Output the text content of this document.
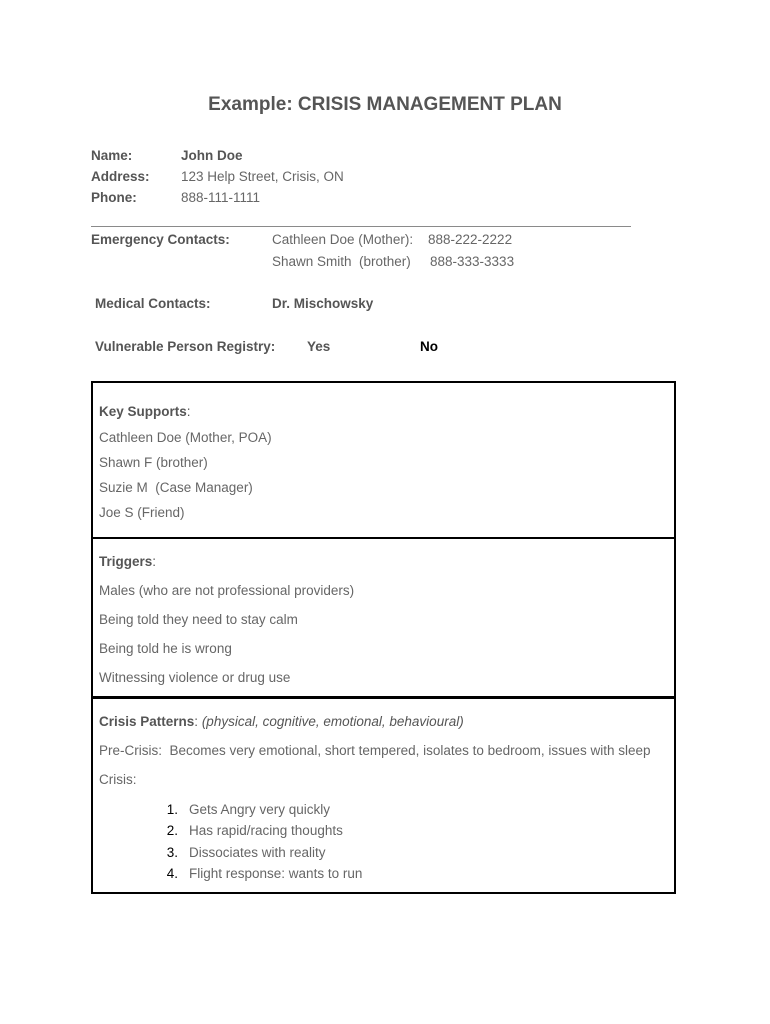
Example: CRISIS MANAGEMENT PLAN
Name:	John Doe
Address: 123 Help Street, Crisis, ON
Phone:	888-111-1111
Emergency Contacts:	Cathleen Doe (Mother): 888-222-2222
Shawn Smith  (brother) 888-333-3333
Medical Contacts:	Dr. Mischowsky
Vulnerable Person Registry: Yes	No
Key Supports:
Cathleen Doe (Mother, POA)
Shawn F (brother)
Suzie M  (Case Manager)
Joe S (Friend)
Triggers:
Males (who are not professional providers)
Being told they need to stay calm
Being told he is wrong
Witnessing violence or drug use
Crisis Patterns: (physical, cognitive, emotional, behavioural)
Pre-Crisis:  Becomes very emotional, short tempered, isolates to bedroom, issues with sleep
Crisis:
1. Gets Angry very quickly
2. Has rapid/racing thoughts
3. Dissociates with reality
4. Flight response: wants to run
